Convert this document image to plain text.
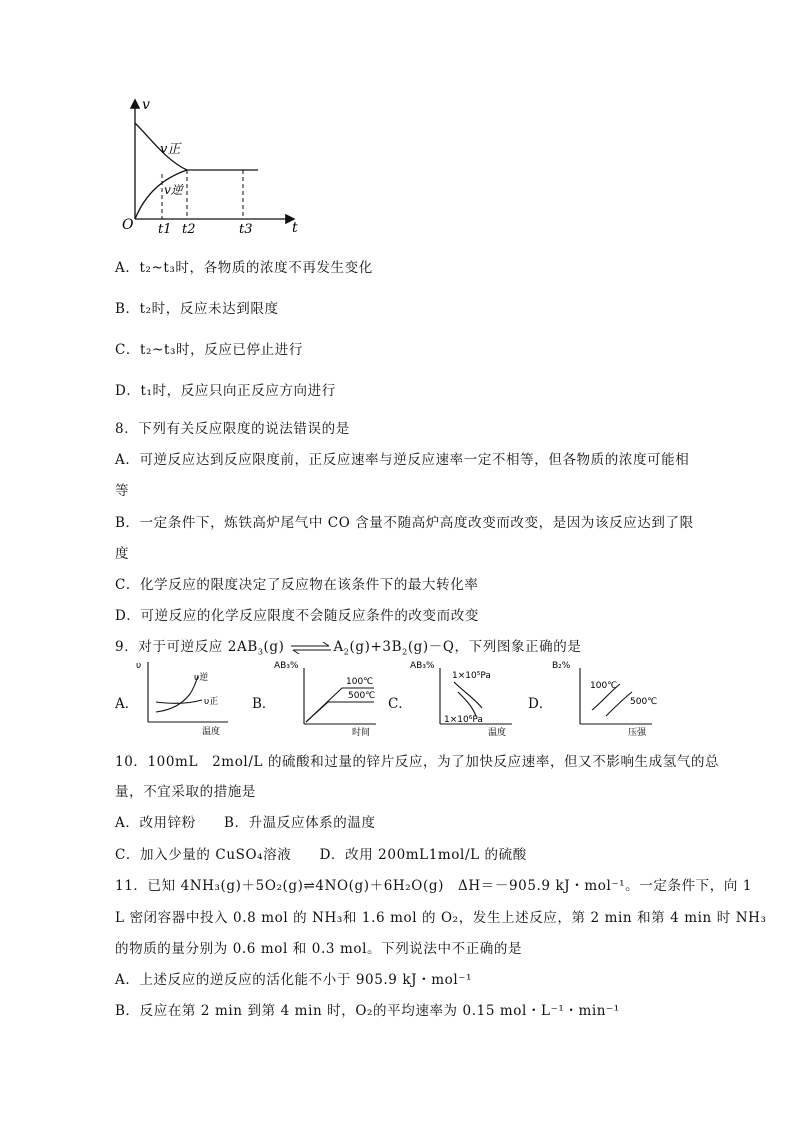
v
t
O
v正
v逆
t1 t2	t3
A．t₂~t₃时，各物质的浓度不再发生变化
B．t₂时，反应未达到限度
C．t₂~t₃时，反应已停止进行
D．t₁时，反应只向正反应方向进行
8．下列有关反应限度的说法错误的是
A．可逆反应达到反应限度前，正反应速率与逆反应速率一定不相等，但各物质的浓度可能相
等
B．一定条件下，炼铁高炉尾气中 CO 含量不随高炉高度改变而改变，是因为该反应达到了限
度
C．化学反应的限度决定了反应物在该条件下的最大转化率
D．可逆反应的化学反应限度不会随反应条件的改变而改变
9．对于可逆反应 $2AB_3(g)$ $\rightleftharpoons A_2(g)+3B_2(g)-Q$，下列图象正确的是
A．
υ
温度
υ逆
υ正	B．
AB₃%
时间
100℃
500℃ C．
AB₃%
温度
1×10⁵Pa
1×10⁶Pa
D．
B₂%
压强
100℃
500℃
10．100mL　2mol/L 的硫酸和过量的锌片反应，为了加快反应速率，但又不影响生成氢气的总
量，不宜采取的措施是
A．改用锌粉　　B．升温反应体系的温度
C．加入少量的 CuSO₄溶液　　D．改用 200mL1mol/L 的硫酸
11．已知 4NH₃(g)＋5O₂(g)⇌4NO(g)＋6H₂O(g)　ΔH＝－905.9 kJ・mol⁻¹。一定条件下，向 1
L 密闭容器中投入 0.8 mol 的 NH₃和 1.6 mol 的 O₂，发生上述反应，第 2 min 和第 4 min 时 NH₃
的物质的量分别为 0.6 mol 和 0.3 mol。下列说法中不正确的是
A．上述反应的逆反应的活化能不小于 905.9 kJ・mol⁻¹
B．反应在第 2 min 到第 4 min 时，O₂的平均速率为 0.15 mol・L⁻¹・min⁻¹
